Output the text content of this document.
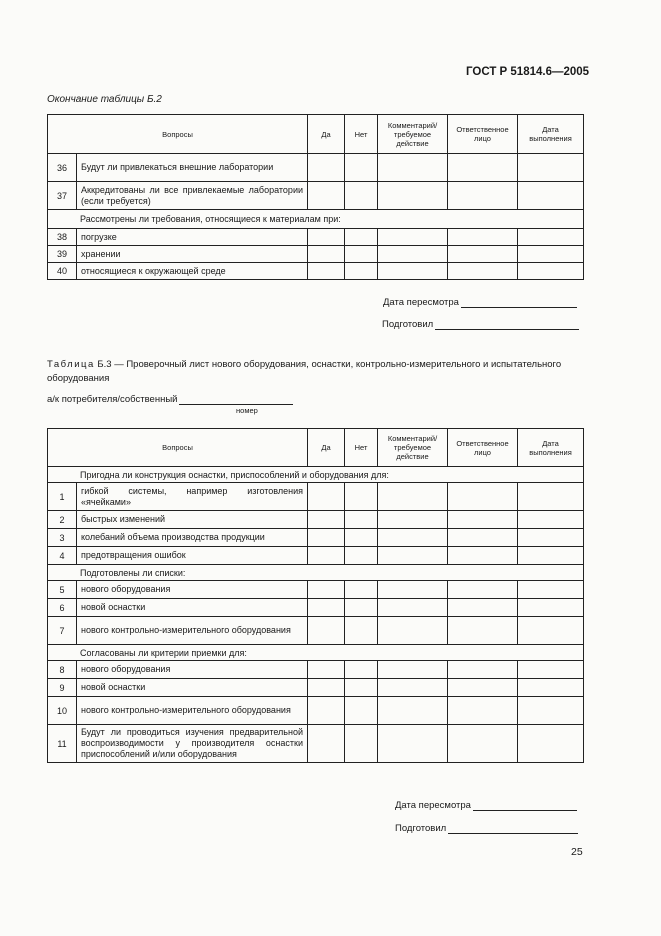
ГОСТ Р 51814.6—2005
Окончание таблицы Б.2
Вопросы		Да	Нет	Комментарий/ требуемое действие	Ответственное лицо	Дата выполнения
36	Будут ли привлекаться внешние лаборатории					
37	Аккредитованы ли все привлекаемые лаборатории (если требуется)					
Рассмотрены ли требования, относящиеся к материалам при:						
38	погрузке					
39	хранении					
40	относящиеся к окружающей среде					
Дата пересмотра
Подготовил
Таблица Б.3 — Проверочный лист нового оборудования, оснастки, контрольно-измерительного и испытательного оборудования
а/к потребителя/собственный
номер
Вопросы		Да	Нет	Комментарий/ требуемое действие	Ответственное лицо	Дата выполнения
Пригодна ли конструкция оснастки, приспособлений и оборудования для:						
1	гибкой системы, например изготовления «ячейками»					
2	быстрых изменений					
3	колебаний объема производства продукции					
4	предотвращения ошибок					
Подготовлены ли списки:						
5	нового оборудования					
6	новой оснастки					
7	нового контрольно-измерительного оборудования					
Согласованы ли критерии приемки для:						
8	нового оборудования					
9	новой оснастки					
10	нового контрольно-измерительного оборудования					
11	Будут ли проводиться изучения предварительной воспроизводимости у производителя оснастки приспособлений и/или оборудования					
Дата пересмотра
Подготовил
25
